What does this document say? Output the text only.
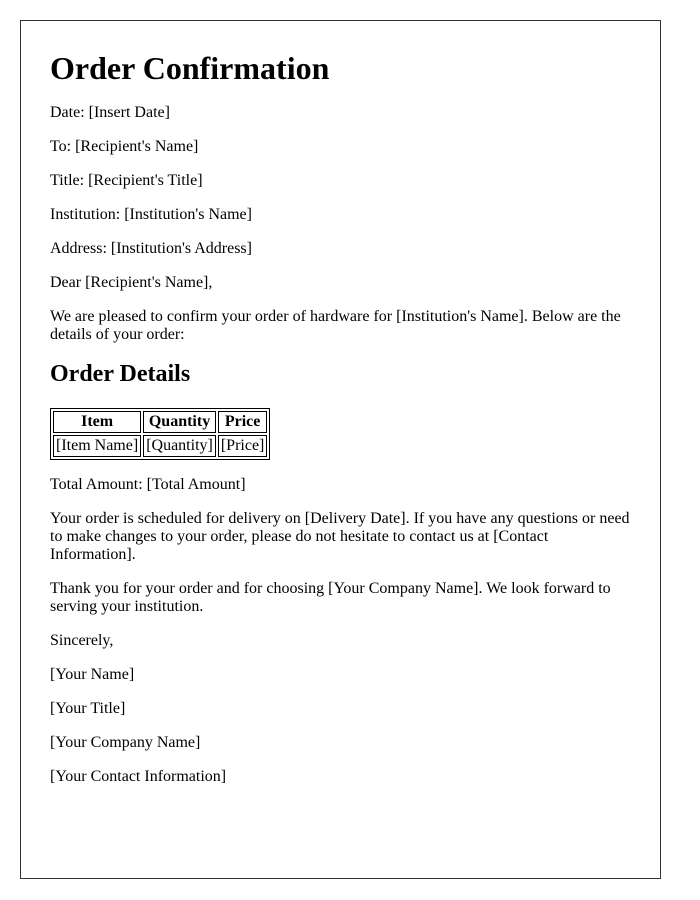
Order Confirmation

Date: [Insert Date]

To: [Recipient's Name]

Title: [Recipient's Title]

Institution: [Institution's Name]

Address: [Institution's Address]

Dear [Recipient's Name],

We are pleased to confirm your order of hardware for [Institution's Name]. Below are the details of your order:

Order Details
Item	Quantity	Price
[Item Name]	[Quantity]	[Price]

Total Amount: [Total Amount]

Your order is scheduled for delivery on [Delivery Date]. If you have any questions or need to make changes to your order, please do not hesitate to contact us at [Contact Information].

Thank you for your order and for choosing [Your Company Name]. We look forward to serving your institution.

Sincerely,

[Your Name]

[Your Title]

[Your Company Name]

[Your Contact Information]
